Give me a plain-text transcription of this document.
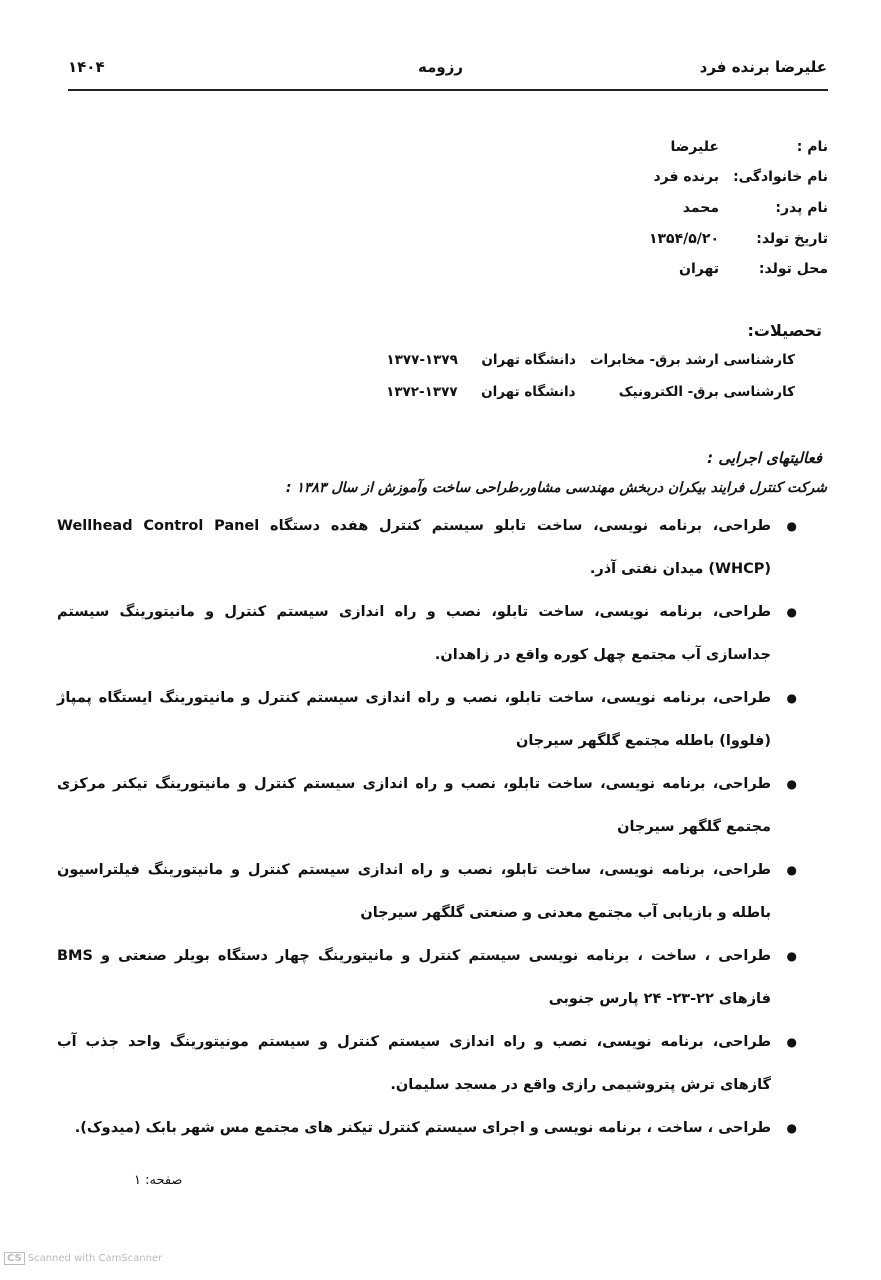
علیرضا برنده فرد
رزومه
۱۴۰۴
نام :
علیرضا
نام خانوادگی:
برنده فرد
نام پدر:
محمد
تاریخ تولد:
۱۳۵۴/۵/۲۰
محل تولد:
تهران
تحصیلات:
کارشناسی ارشد برق- مخابرات   دانشگاه تهران     ۱۳۷۷-۱۳۷۹
کارشناسی برق- الکترونیک  دانشگاه تهران     ۱۳۷۲-۱۳۷۷
فعالیتهای اجرایی :
شرکت کنترل فرایند بیکران دربخش مهندسی مشاور،طراحی ساخت وآموزش از سال ۱۳۸۳ :
●
طراحی، برنامه نویسی، ساخت تابلو سیستم کنترل هفده دستگاه Wellhead Control Panel (WHCP) میدان نفتی آذر.
●
طراحی، برنامه نویسی، ساخت تابلو، نصب و راه اندازی سیستم کنترل و مانیتورینگ سیستم جداسازی آب مجتمع چهل کوره واقع در زاهدان.
●
طراحی، برنامه نویسی، ساخت تابلو، نصب و راه اندازی سیستم کنترل و مانیتورینگ ایستگاه پمپاژ (فلووا) باطله مجتمع گلگهر سیرجان
●
طراحی، برنامه نویسی، ساخت تابلو، نصب و راه اندازی سیستم کنترل و مانیتورینگ تیکنر مرکزی مجتمع گلگهر سیرجان
●
طراحی، برنامه نویسی، ساخت تابلو، نصب و راه اندازی سیستم کنترل و مانیتورینگ فیلتراسیون باطله و بازیابی آب مجتمع معدنی و صنعتی گلگهر سیرجان
●
طراحی ، ساخت ، برنامه نویسی سیستم کنترل و مانیتورینگ چهار دستگاه بویلر صنعتی و BMS فازهای ۲۲-۲۳- ۲۴ پارس جنوبی
●
طراحی، برنامه نویسی، نصب و راه اندازی سیستم کنترل و سیستم مونیتورینگ واحد جذب آب گازهای ترش پتروشیمی رازی واقع در مسجد سلیمان.
●
طراحی ، ساخت ، برنامه نویسی و اجرای سیستم کنترل تیکنر های مجتمع مس شهر بابک (میدوک).
صفحه: ۱
CS Scanned with CamScanner
